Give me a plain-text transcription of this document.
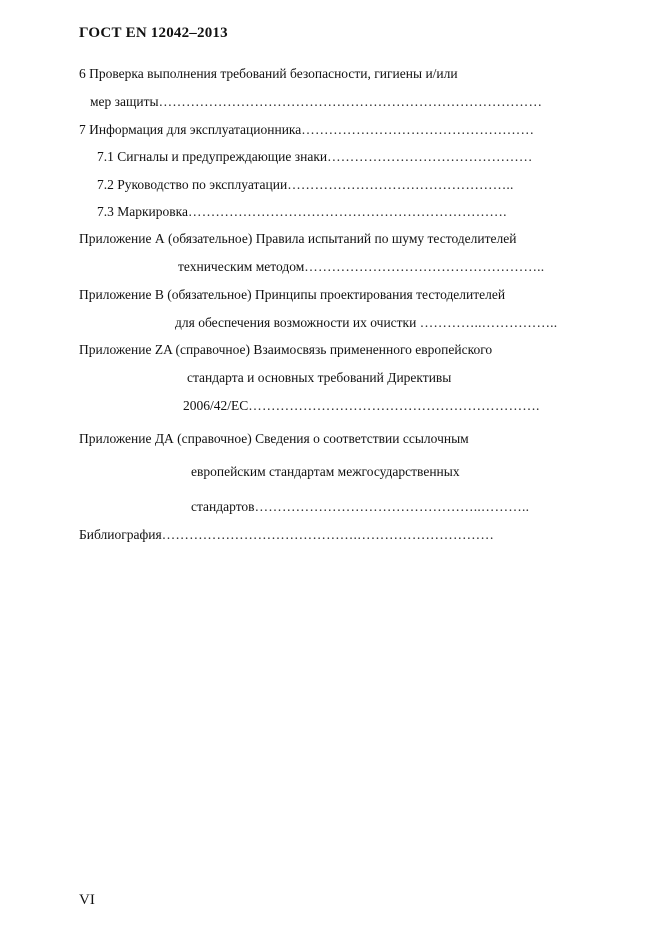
ГОСТ EN 12042–2013
6 Проверка выполнения требований безопасности, гигиены и/или
мер защиты…………………………………………………………………………
7 Информация для эксплуатационника……………………………………………
7.1 Сигналы и предупреждающие знаки………………………………………
7.2 Руководство по эксплуатации…………………………………………..
7.3 Маркировка…………………………………………………………….
Приложение А (обязательное) Правила испытаний по шуму тестоделителей
техническим методом……………………………………………..
Приложение В (обязательное) Принципы проектирования тестоделителей
для обеспечения возможности их очистки …………..……………..
Приложение ZA (справочное) Взаимосвязь примененного европейского
стандарта и основных требований Директивы
2006/42/EC……………………………………………………….
Приложение ДА (справочное) Сведения о соответствии ссылочным
европейским стандартам межгосударственных
стандартов…………………………………………..………..
Библиография…………………………………….…………………………
VI
